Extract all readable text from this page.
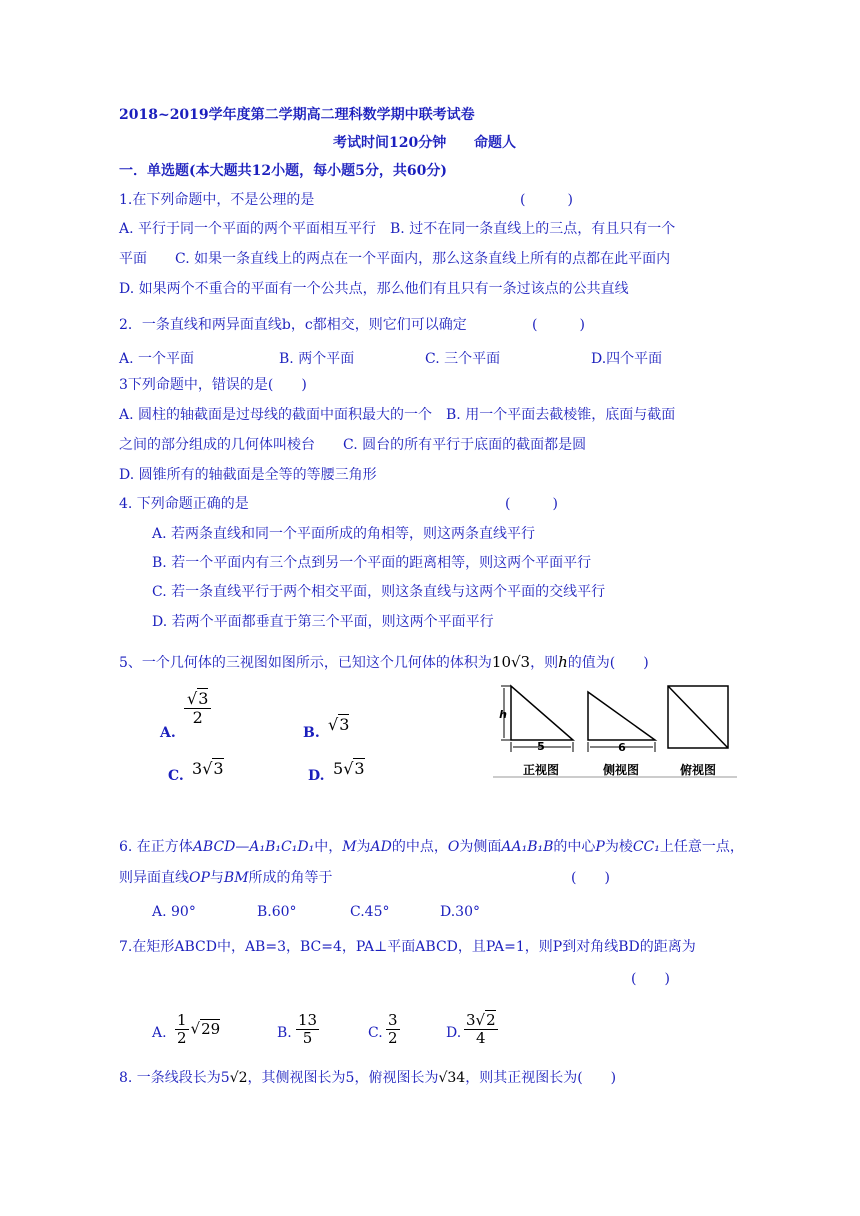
2018~2019学年度第二学期高二理科数学期中联考试卷
考试时间120分钟 命题人
一．单选题(本大题共12小题，每小题5分，共60分)
1.在下列命题中，不是公理的是	(　　　)
A. 平行于同一个平面的两个平面相互平行　B. 过不在同一条直线上的三点，有且只有一个
平面　　C. 如果一条直线上的两点在一个平面内，那么这条直线上所有的点都在此平面内
D. 如果两个不重合的平面有一个公共点，那么他们有且只有一条过该点的公共直线
2．一条直线和两异面直线b，c都相交，则它们可以确定	(　　　)
A. 一个平面	B. 两个平面	C. 三个平面	D.四个平面
3下列命题中，错误的是(　　)
A. 圆柱的轴截面是过母线的截面中面积最大的一个　B. 用一个平面去截棱锥，底面与截面
之间的部分组成的几何体叫棱台　　C. 圆台的所有平行于底面的截面都是圆
D. 圆锥所有的轴截面是全等的等腰三角形
4. 下列命题正确的是	(　　　)
A. 若两条直线和同一个平面所成的角相等，则这两条直线平行
B. 若一个平面内有三个点到另一个平面的距离相等，则这两个平面平行
C. 若一条直线平行于两个相交平面，则这条直线与这两个平面的交线平行
D. 若两个平面都垂直于第三个平面，则这两个平面平行
5、一个几何体的三视图如图所示，已知这个几何体的体积为10√3，则h的值为(　　)
A.
$\frac{√3}{2}$
B. √3
C. 3√3	D. 5√3
h
5	6
正视图	侧视图	俯视图
6. 在正方体ABCD—A₁B₁C₁D₁中，M为AD的中点，O为侧面AA₁B₁B的中心P为棱CC₁上任意一点，
则异面直线OP与BM所成的角等于	(　　)
A. 90°	B.60°	C.45°	D.30°
7.在矩形ABCD中，AB=3，BC=4，PA⊥平面ABCD，且PA=1，则P到对角线BD的距离为
(　　)
A. $\frac{1}{2} √29$	B. $\frac{13}{5}$	C. $\frac{3}{2}$	D. $\frac{3√2}{4}$
8. 一条线段长为5√2，其侧视图长为5，俯视图长为√34，则其正视图长为(　　)
